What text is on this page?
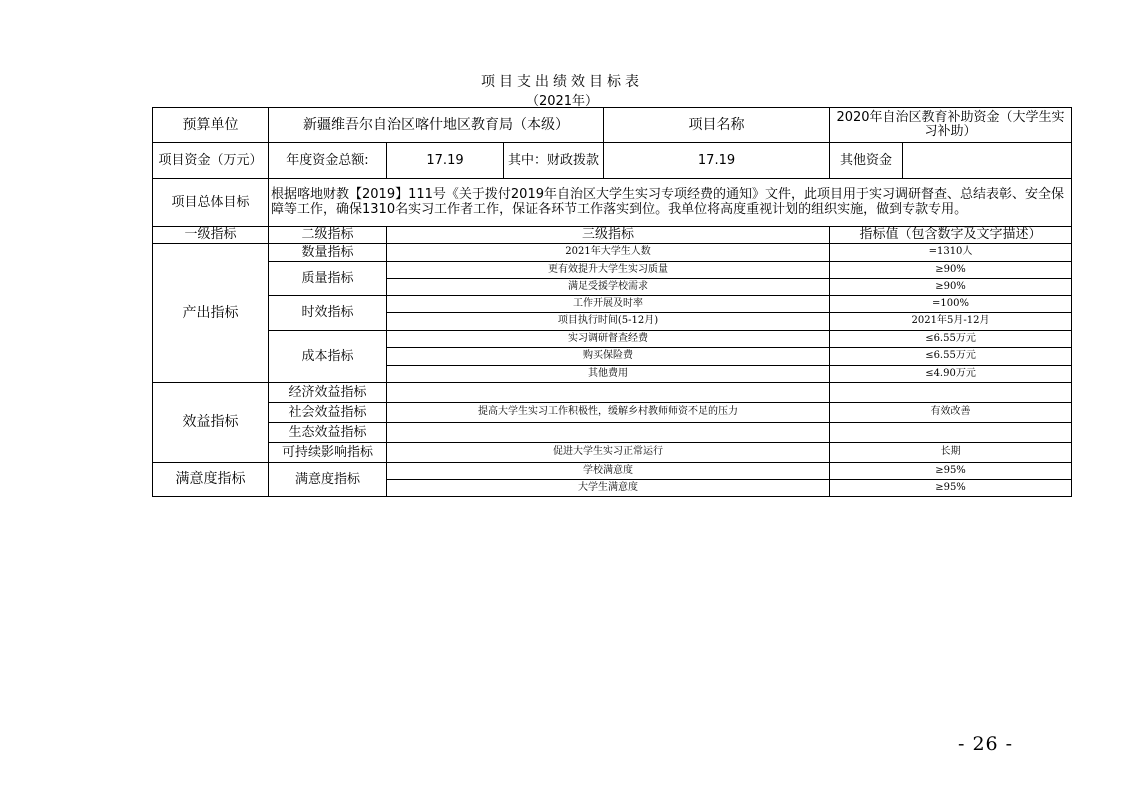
项目支出绩效目标表
（2021年）
预算单位	新疆维吾尔自治区喀什地区教育局（本级）			项目名称	2020年自治区教育补助资金（大学生实习补助）	
项目资金（万元）	年度资金总额:	17.19	其中：财政拨款	17.19	其他资金	
项目总体目标	根据喀地财教【2019】111号《关于拨付2019年自治区大学生实习专项经费的通知》文件，此项目用于实习调研督查、总结表彰、安全保障等工作，确保1310名实习工作者工作，保证各环节工作落实到位。我单位将高度重视计划的组织实施，做到专款专用。					
一级指标	二级指标	三级指标			指标值（包含数字及文字描述）	
产出指标	数量指标	2021年大学生人数			=1310人	
	质量指标	更有效提升大学生实习质量			≥90%	
		满足受援学校需求			≥90%	
	时效指标	工作开展及时率			=100%	
		项目执行时间(5-12月)			2021年5月-12月	
	成本指标	实习调研督查经费			≤6.55万元	
		购买保险费			≤6.55万元	
		其他费用			≤4.90万元	
效益指标	经济效益指标					
	社会效益指标	提高大学生实习工作积极性，缓解乡村教师师资不足的压力			有效改善	
	生态效益指标					
	可持续影响指标	促进大学生实习正常运行			长期	
满意度指标	满意度指标	学校满意度			≥95%	
		大学生满意度			≥95%	
- 26 -
